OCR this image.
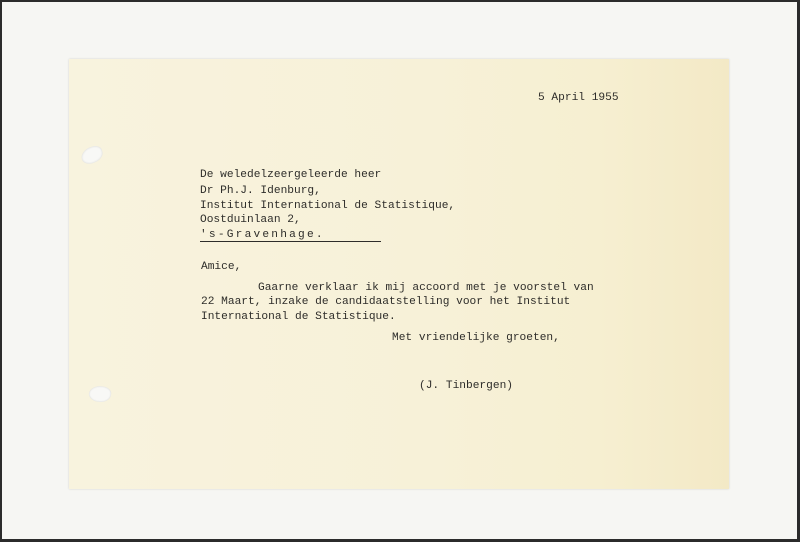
5 April 1955
De weledelzeergeleerde heer
Dr Ph.J. Idenburg,
Institut International de Statistique,
Oostduinlaan 2,
's-Gravenhage.
Amice,
Gaarne verklaar ik mij accoord met je voorstel van
22 Maart, inzake de candidaatstelling voor het Institut
International de Statistique.
Met vriendelijke groeten,
(J. Tinbergen)
